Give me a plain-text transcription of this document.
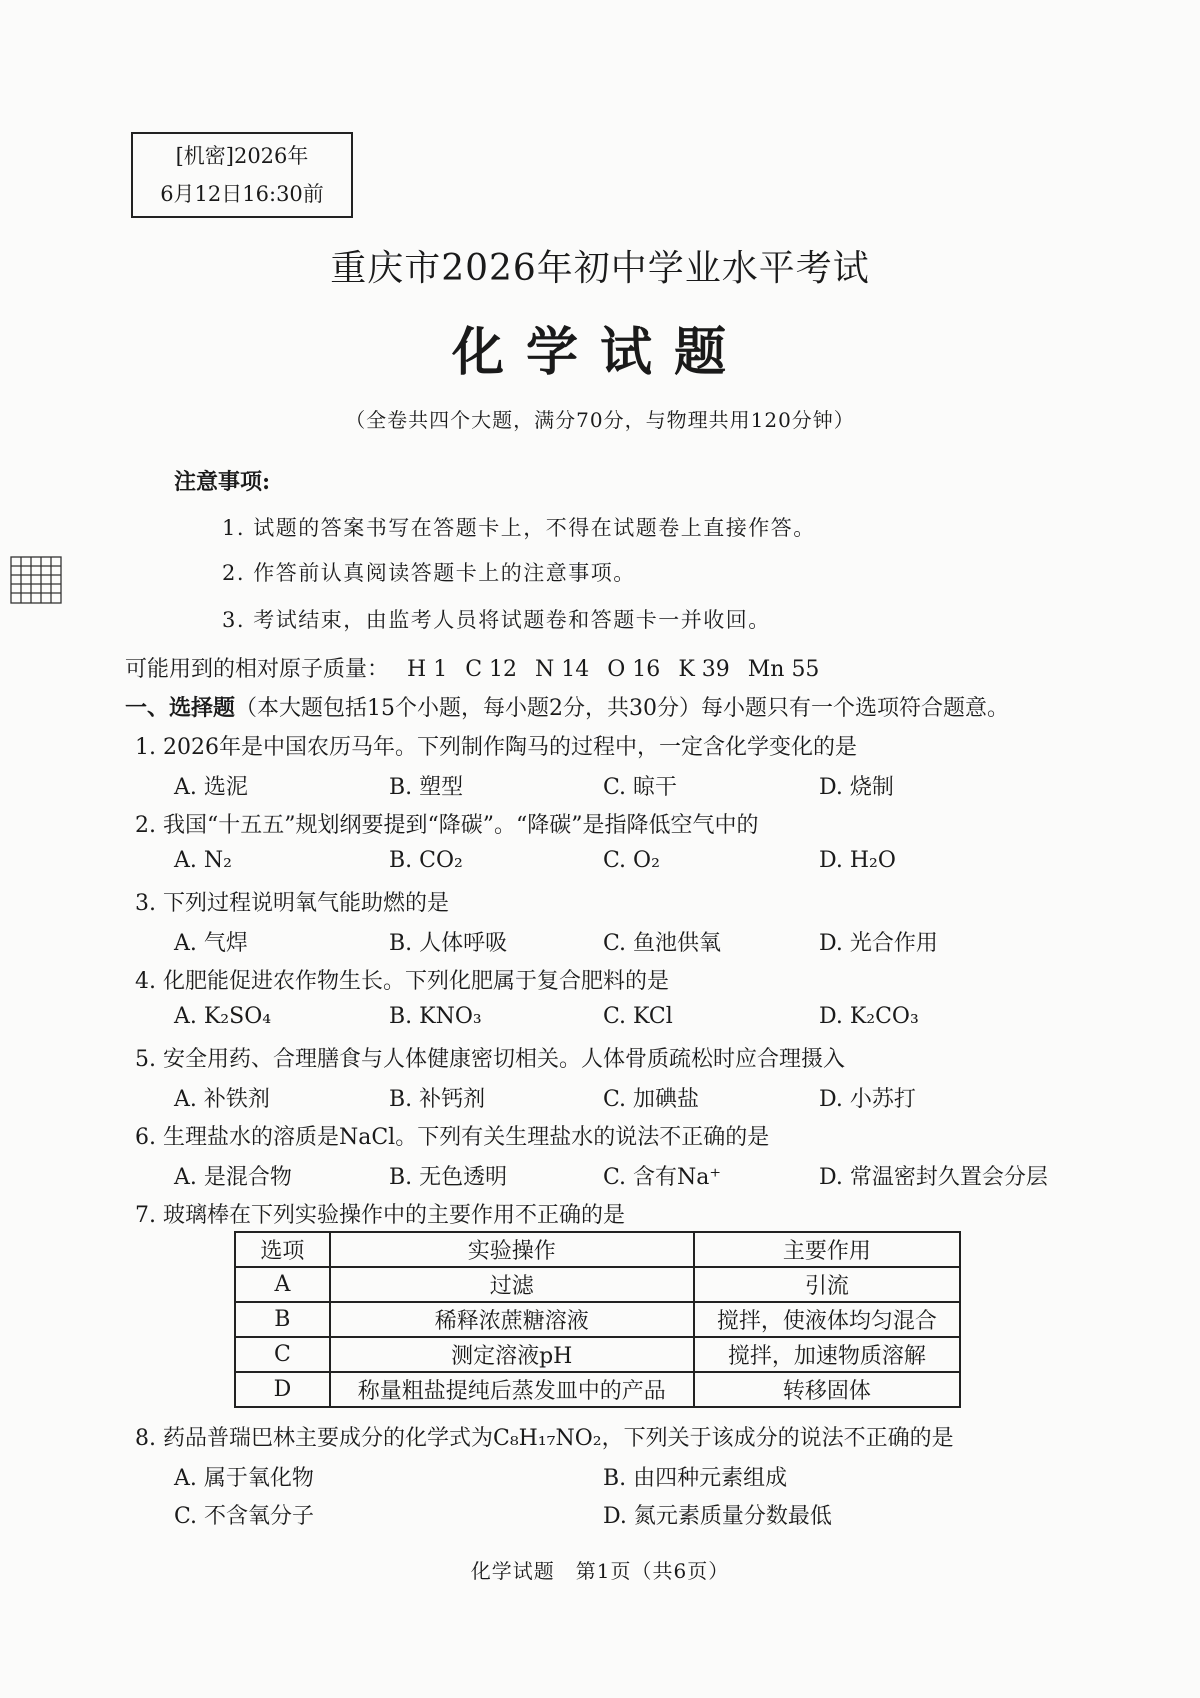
[机密]2026年
6月12日16:30前
重庆市2026年初中学业水平考试
化学试题
（全卷共四个大题，满分70分，与物理共用120分钟）
注意事项:
1. 试题的答案书写在答题卡上，不得在试题卷上直接作答。
2. 作答前认真阅读答题卡上的注意事项。
3. 考试结束，由监考人员将试题卷和答题卡一并收回。
可能用到的相对原子质量： H 1 C 12 N 14 O 16 K 39 Mn 55
一、选择题（本大题包括15个小题，每小题2分，共30分）每小题只有一个选项符合题意。
1. 2026年是中国农历马年。下列制作陶马的过程中，一定含化学变化的是
A. 选泥	B. 塑型	C. 晾干	D. 烧制
2. 我国“十五五”规划纲要提到“降碳”。“降碳”是指降低空气中的
A. N₂	B. CO₂	C. O₂	D. H₂O
3. 下列过程说明氧气能助燃的是
A. 气焊	B. 人体呼吸	C. 鱼池供氧	D. 光合作用
4. 化肥能促进农作物生长。下列化肥属于复合肥料的是
A. K₂SO₄	B. KNO₃	C. KCl	D. K₂CO₃
5. 安全用药、合理膳食与人体健康密切相关。人体骨质疏松时应合理摄入
A. 补铁剂	B. 补钙剂	C. 加碘盐	D. 小苏打
6. 生理盐水的溶质是NaCl。下列有关生理盐水的说法不正确的是
A. 是混合物	B. 无色透明	C. 含有Na⁺	D. 常温密封久置会分层
7. 玻璃棒在下列实验操作中的主要作用不正确的是
选项	实验操作	主要作用
A	过滤	引流
B	稀释浓蔗糖溶液	搅拌，使液体均匀混合
C	测定溶液pH	搅拌，加速物质溶解
D	称量粗盐提纯后蒸发皿中的产品	转移固体
8. 药品普瑞巴林主要成分的化学式为C₈H₁₇NO₂，下列关于该成分的说法不正确的是
A. 属于氧化物	B. 由四种元素组成
C. 不含氧分子	D. 氮元素质量分数最低
化学试题　第1页（共6页）
